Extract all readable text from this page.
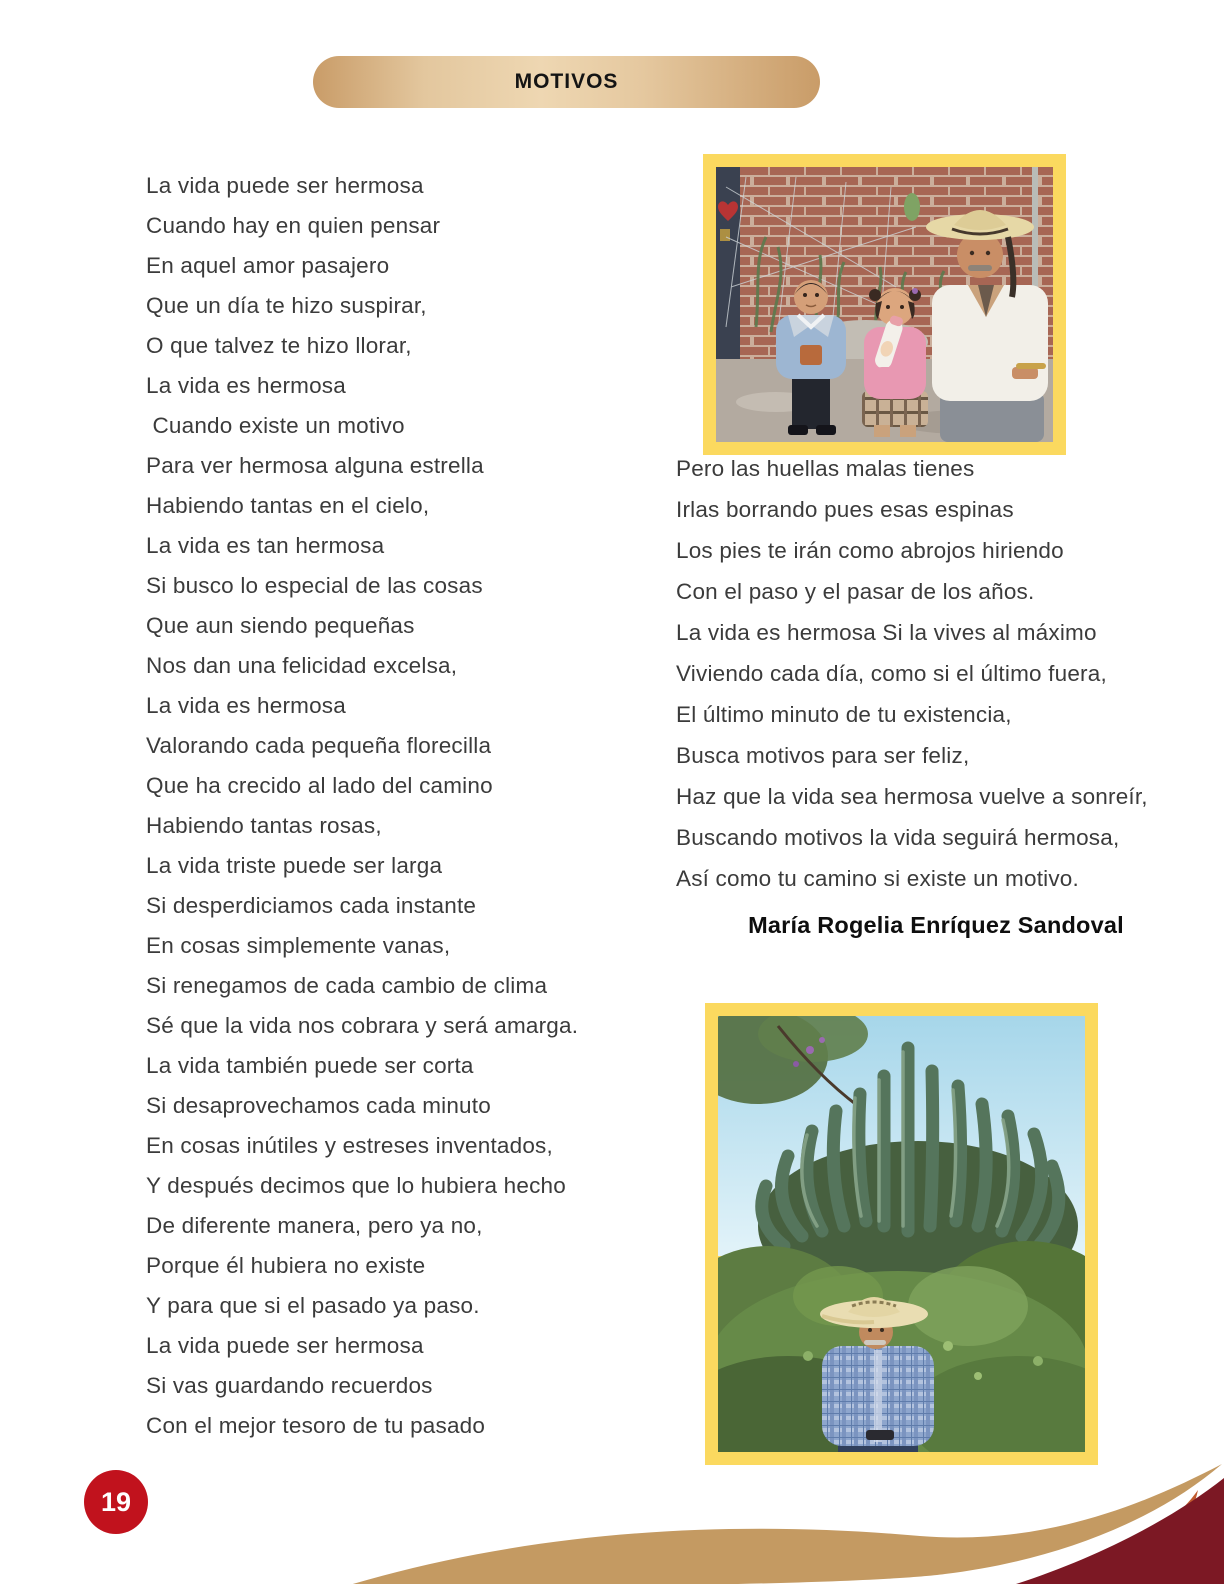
MOTIVOS
La vida puede ser hermosa
Cuando hay en quien pensar
En aquel amor pasajero
Que un día te hizo suspirar,
O que talvez te hizo llorar,
La vida es hermosa
Cuando existe un motivo
Para ver hermosa alguna estrella
Habiendo tantas en el cielo,
La vida es tan hermosa
Si busco lo especial de las cosas
Que aun siendo pequeñas
Nos dan una felicidad excelsa,
La vida es hermosa
Valorando cada pequeña florecilla
Que ha crecido al lado del camino
Habiendo tantas rosas,
La vida triste puede ser larga
Si desperdiciamos cada instante
En cosas simplemente vanas,
Si renegamos de cada cambio de clima
Sé que la vida nos cobrara y será amarga.
La vida también puede ser corta
Si desaprovechamos cada minuto
En cosas inútiles y estreses inventados,
Y después decimos que lo hubiera hecho
De diferente manera, pero ya no,
Porque él hubiera no existe
Y para que si el pasado ya paso.
La vida puede ser hermosa
Si vas guardando recuerdos
Con el mejor tesoro de tu pasado
Pero las huellas malas tienes
Irlas borrando pues esas espinas
Los pies te irán como abrojos hiriendo
Con el paso y el pasar de los años.
La vida es hermosa Si la vives al máximo
Viviendo cada día, como si el último fuera,
El último minuto de tu existencia,
Busca motivos para ser feliz,
Haz que la vida sea hermosa vuelve a sonreír,
Buscando motivos la vida seguirá hermosa,
Así como tu camino si existe un motivo.
María Rogelia Enríquez Sandoval
19
